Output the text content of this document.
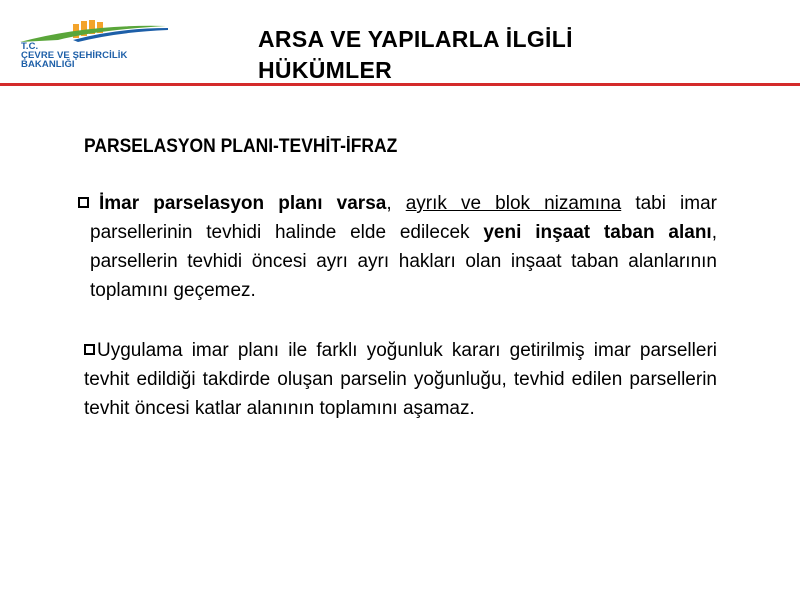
T.C.
ÇEVRE VE ŞEHİRCİLİK
BAKANLIĞI
ARSA VE YAPILARLA İLGİLİ
HÜKÜMLER
PARSELASYON PLANI-TEVHİT-İFRAZ

İmar parselasyon planı varsa, ayrık ve blok nizamına tabi imar parsellerinin tevhidi halinde elde edilecek yeni inşaat taban alanı, parsellerin tevhidi öncesi ayrı ayrı hakları olan inşaat taban alanlarının toplamını geçemez.

Uygulama imar planı ile farklı yoğunluk kararı getirilmiş imar parselleri tevhit edildiği takdirde oluşan parselin yoğunluğu, tevhid edilen parsellerin tevhit öncesi katlar alanının toplamını aşamaz.
